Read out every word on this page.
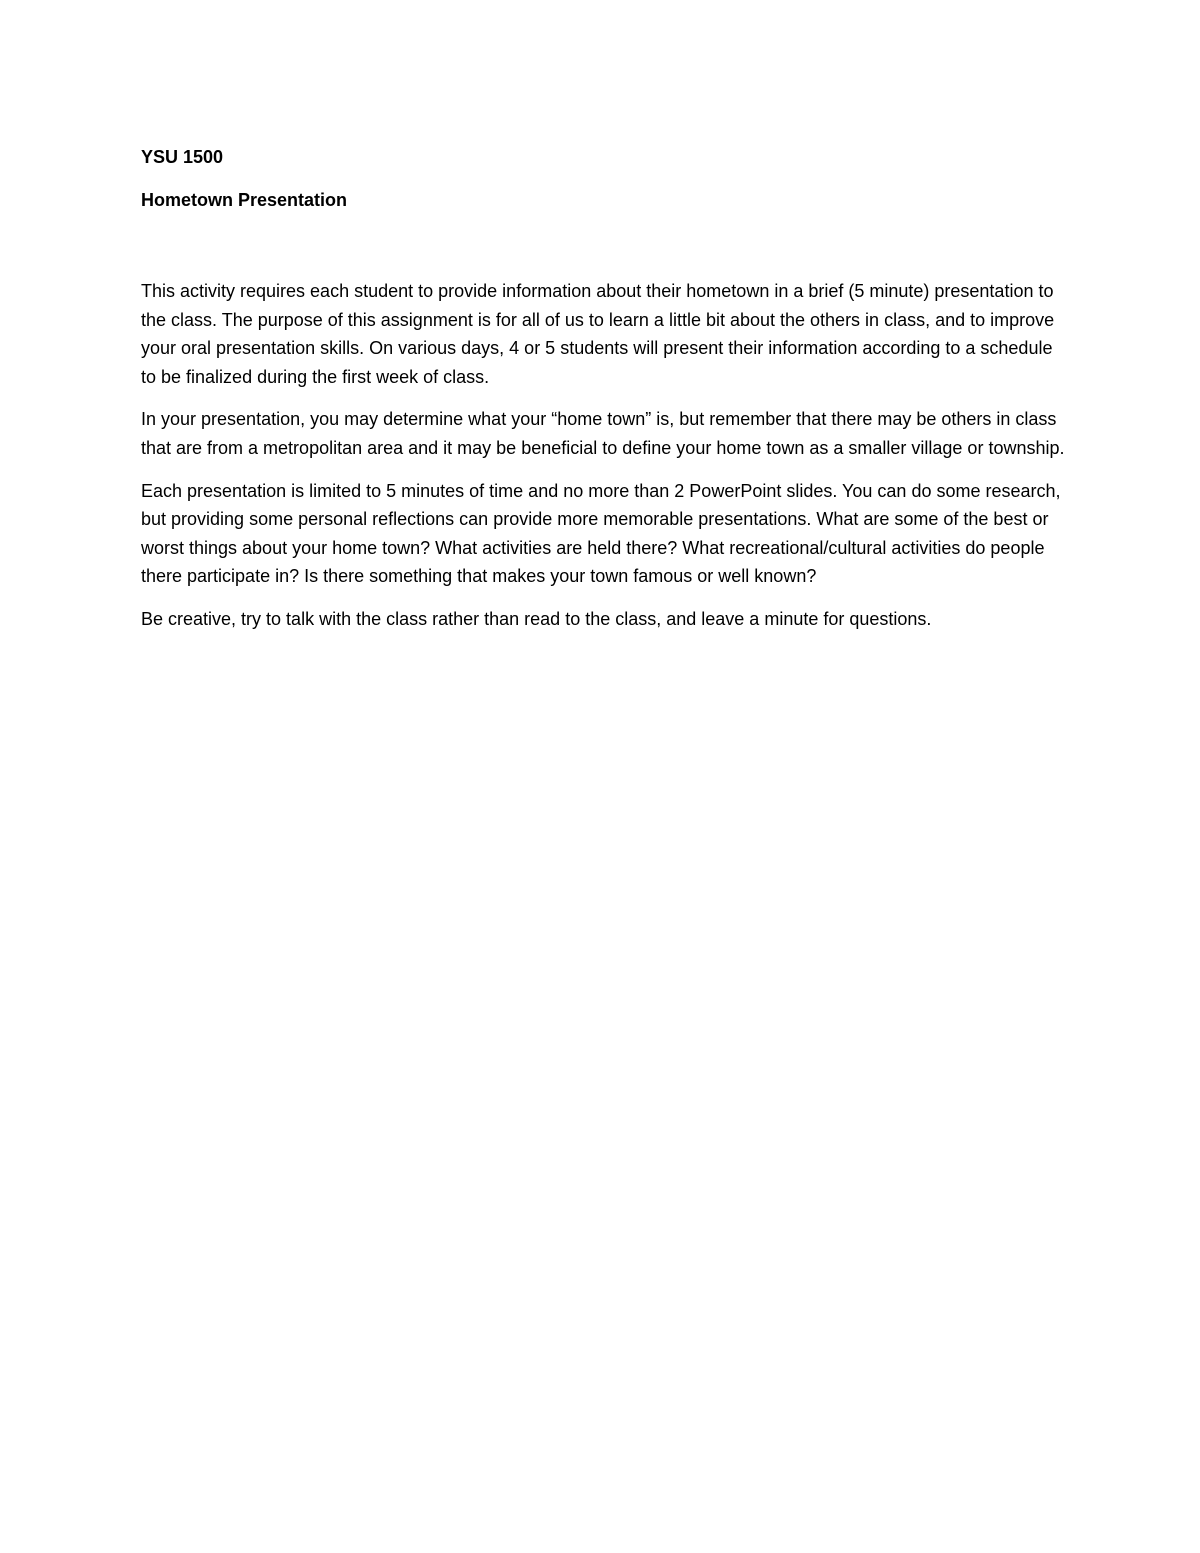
YSU 1500

Hometown Presentation

This activity requires each student to provide information about their hometown in a brief (5 minute) presentation to the class. The purpose of this assignment is for all of us to learn a little bit about the others in class, and to improve your oral presentation skills. On various days, 4 or 5 students will present their information according to a schedule to be finalized during the first week of class.

In your presentation, you may determine what your “home town” is, but remember that there may be others in class that are from a metropolitan area and it may be beneficial to define your home town as a smaller village or township.

Each presentation is limited to 5 minutes of time and no more than 2 PowerPoint slides. You can do some research, but providing some personal reflections can provide more memorable presentations. What are some of the best or worst things about your home town? What activities are held there? What recreational/cultural activities do people there participate in? Is there something that makes your town famous or well known?

Be creative, try to talk with the class rather than read to the class, and leave a minute for questions.
